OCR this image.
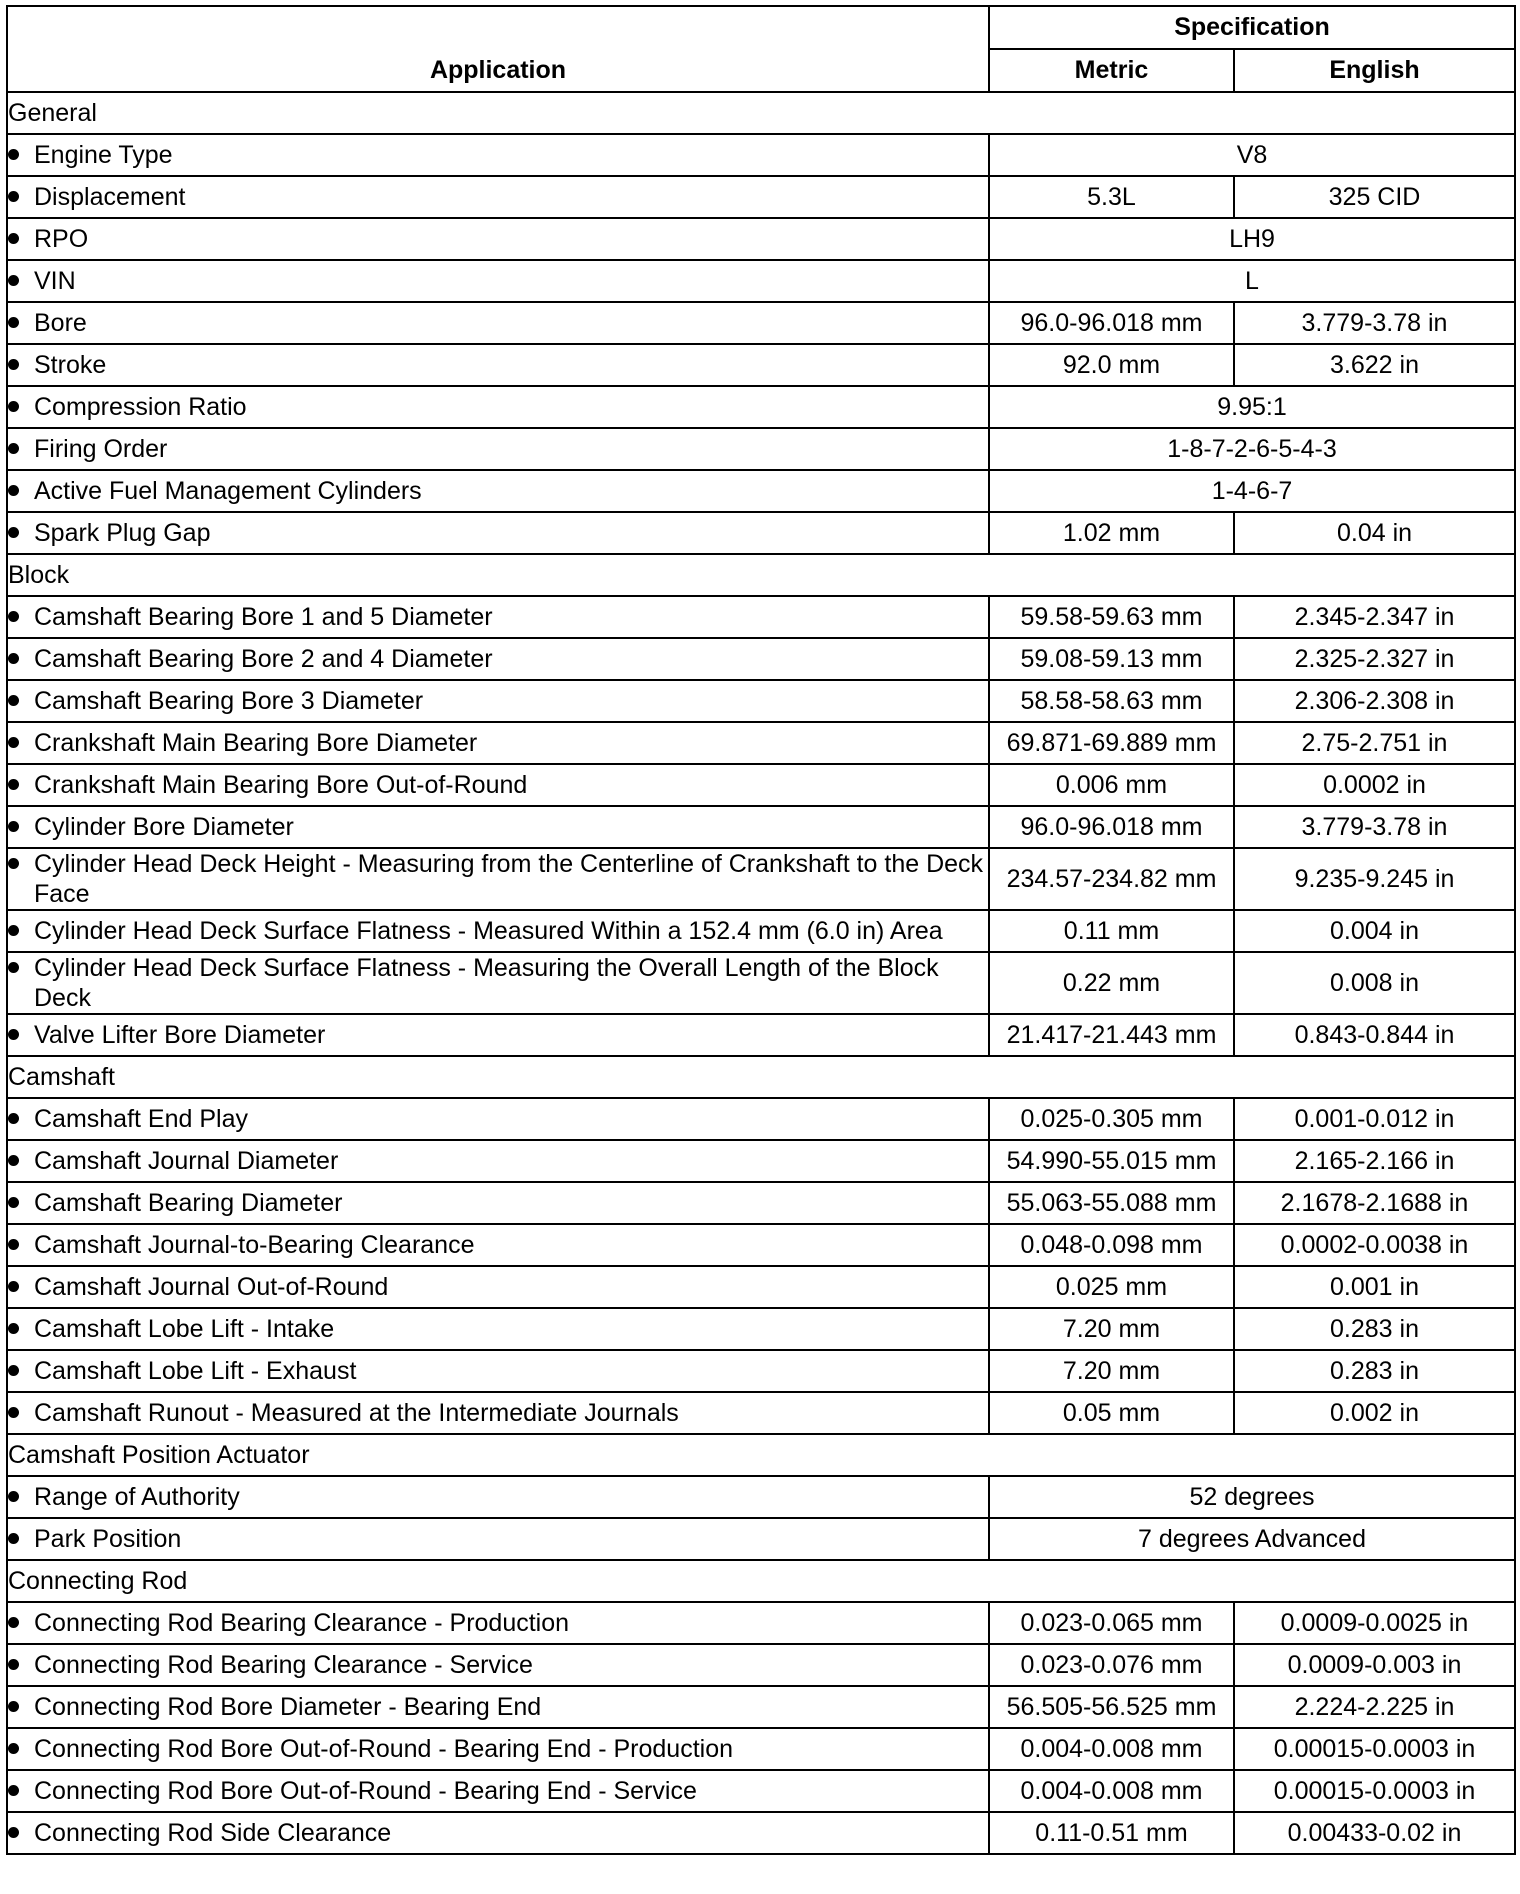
Application	Specification	
	Metric	English
General		

Engine Type	V8	

Displacement	5.3L	325 CID

RPO	LH9	

VIN	L	

Bore	96.0-96.018 mm	3.779-3.78 in

Stroke	92.0 mm	3.622 in

Compression Ratio	9.95:1	

Firing Order	1-8-7-2-6-5-4-3	

Active Fuel Management Cylinders	1-4-6-7	

Spark Plug Gap	1.02 mm	0.04 in
Block		

Camshaft Bearing Bore 1 and 5 Diameter	59.58-59.63 mm	2.345-2.347 in

Camshaft Bearing Bore 2 and 4 Diameter	59.08-59.13 mm	2.325-2.327 in

Camshaft Bearing Bore 3 Diameter	58.58-58.63 mm	2.306-2.308 in

Crankshaft Main Bearing Bore Diameter	69.871-69.889 mm	2.75-2.751 in

Crankshaft Main Bearing Bore Out-of-Round	0.006 mm	0.0002 in

Cylinder Bore Diameter	96.0-96.018 mm	3.779-3.78 in

Cylinder Head Deck Height - Measuring from the Centerline of Crankshaft to the Deck Face	234.57-234.82 mm	9.235-9.245 in

Cylinder Head Deck Surface Flatness - Measured Within a 152.4 mm (6.0 in) Area	0.11 mm	0.004 in

Cylinder Head Deck Surface Flatness - Measuring the Overall Length of the Block Deck	0.22 mm	0.008 in

Valve Lifter Bore Diameter	21.417-21.443 mm	0.843-0.844 in
Camshaft		

Camshaft End Play	0.025-0.305 mm	0.001-0.012 in

Camshaft Journal Diameter	54.990-55.015 mm	2.165-2.166 in

Camshaft Bearing Diameter	55.063-55.088 mm	2.1678-2.1688 in

Camshaft Journal-to-Bearing Clearance	0.048-0.098 mm	0.0002-0.0038 in

Camshaft Journal Out-of-Round	0.025 mm	0.001 in

Camshaft Lobe Lift - Intake	7.20 mm	0.283 in

Camshaft Lobe Lift - Exhaust	7.20 mm	0.283 in

Camshaft Runout - Measured at the Intermediate Journals	0.05 mm	0.002 in
Camshaft Position Actuator		

Range of Authority	52 degrees	

Park Position	7 degrees Advanced	
Connecting Rod		

Connecting Rod Bearing Clearance - Production	0.023-0.065 mm	0.0009-0.0025 in

Connecting Rod Bearing Clearance - Service	0.023-0.076 mm	0.0009-0.003 in

Connecting Rod Bore Diameter - Bearing End	56.505-56.525 mm	2.224-2.225 in

Connecting Rod Bore Out-of-Round - Bearing End - Production	0.004-0.008 mm	0.00015-0.0003 in

Connecting Rod Bore Out-of-Round - Bearing End - Service	0.004-0.008 mm	0.00015-0.0003 in

Connecting Rod Side Clearance	0.11-0.51 mm	0.00433-0.02 in
